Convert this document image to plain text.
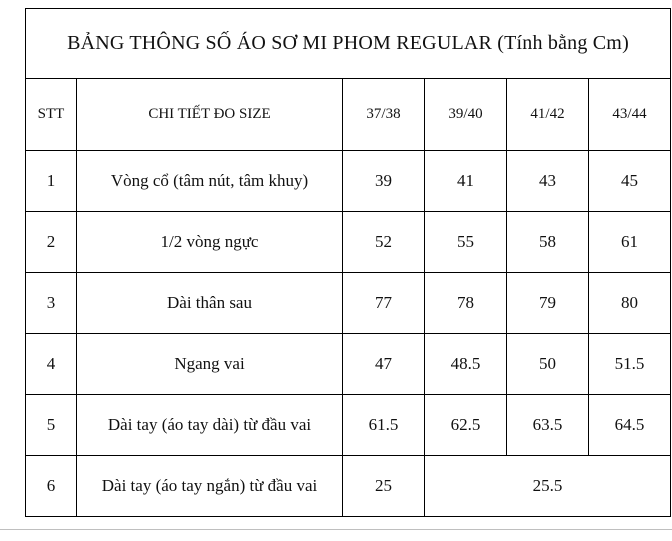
BẢNG THÔNG SỐ ÁO SƠ MI PHOM REGULAR (Tính bằng Cm)					
STT	CHI TIẾT ĐO SIZE	37/38	39/40	41/42	43/44
1	Vòng cổ (tâm nút, tâm khuy)	39	41	43	45
2	1/2 vòng ngực	52	55	58	61
3	Dài thân sau	77	78	79	80
4	Ngang vai	47	48.5	50	51.5
5	Dài tay (áo tay dài) từ đầu vai	61.5	62.5	63.5	64.5
6	Dài tay (áo tay ngắn) từ đầu vai	25	25.5		
